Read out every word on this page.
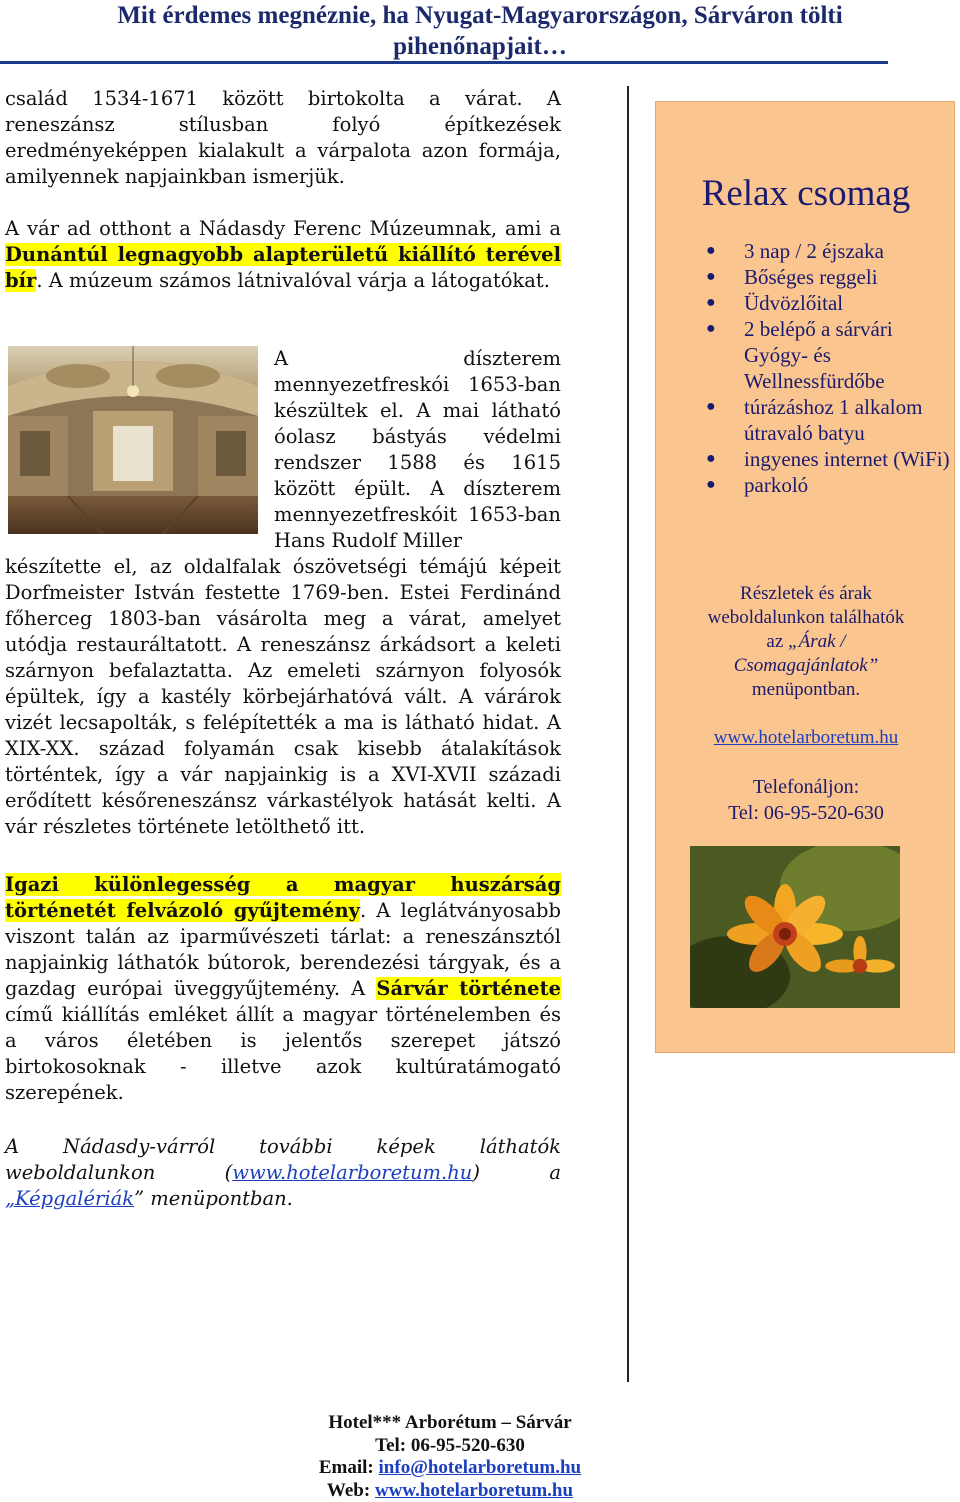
Mit érdemes megnéznie, ha Nyugat-Magyarországon, Sárváron tölti
pihenőnapjait…
család 1534-1671 között birtokolta a várat. A reneszánsz stílusban folyó építkezések eredményeképpen kialakult a várpalota azon formája, amilyennek napjainkban ismerjük.
A vár ad otthont a Nádasdy Ferenc Múzeumnak, ami a Dunántúl legnagyobb alapterületű kiállító terével bír. A múzeum számos látnivalóval várja a látogatókat.
A díszterem mennyezetfreskói 1653-ban készültek el. A mai látható óolasz bástyás védelmi rendszer 1588 és 1615 között épült. A díszterem mennyezetfreskóit 1653-ban Hans Rudolf Miller
készítette el, az oldalfalak ószövetségi témájú képeit Dorfmeister István festette 1769-ben. Estei Ferdinánd főherceg 1803-ban vásárolta meg a várat, amelyet utódja restauráltatott. A reneszánsz árkádsort a keleti szárnyon befalaztatta. Az emeleti szárnyon folyosók épültek, így a kastély körbejárhatóvá vált. A várárok vizét lecsapolták, s felépítették a ma is látható hidat. A XIX-XX. század folyamán csak kisebb átalakítások történtek, így a vár napjainkig is a XVI-XVII századi erődített későreneszánsz várkastélyok hatását kelti. A vár részletes története letölthető itt.
Igazi különlegesség a magyar huszárság történetét felvázoló gyűjtemény. A leglátványosabb viszont talán az iparművészeti tárlat: a reneszánsztól napjainkig láthatók bútorok, berendezési tárgyak, és a gazdag európai üveggyűjtemény. A Sárvár története című kiállítás emléket állít a magyar történelemben és a város életében is jelentős szerepet játszó birtokosoknak - illetve azok kultúratámogató szerepének.
A Nádasdy-várról további képek láthatók weboldalunkon (www.hotelarboretum.hu) a „Képgalériák” menüpontban.
Relax csomag
● 3 nap / 2 éjszaka
● Bőséges reggeli
● Üdvözlőital
● 2 belépő a sárvári Gyógy- és Wellnessfürdőbe
● túrázáshoz 1 alkalom útravaló batyu
● ingyenes internet (WiFi)
● parkoló
Részletek és árak
weboldalunkon találhatók
az „Árak /
Csomagajánlatok”
menüpontban.
www.hotelarboretum.hu
Telefonáljon:
Tel: 06-95-520-630
Hotel*** Arborétum – Sárvár
Tel: 06-95-520-630
Email: info@hotelarboretum.hu
Web: www.hotelarboretum.hu
